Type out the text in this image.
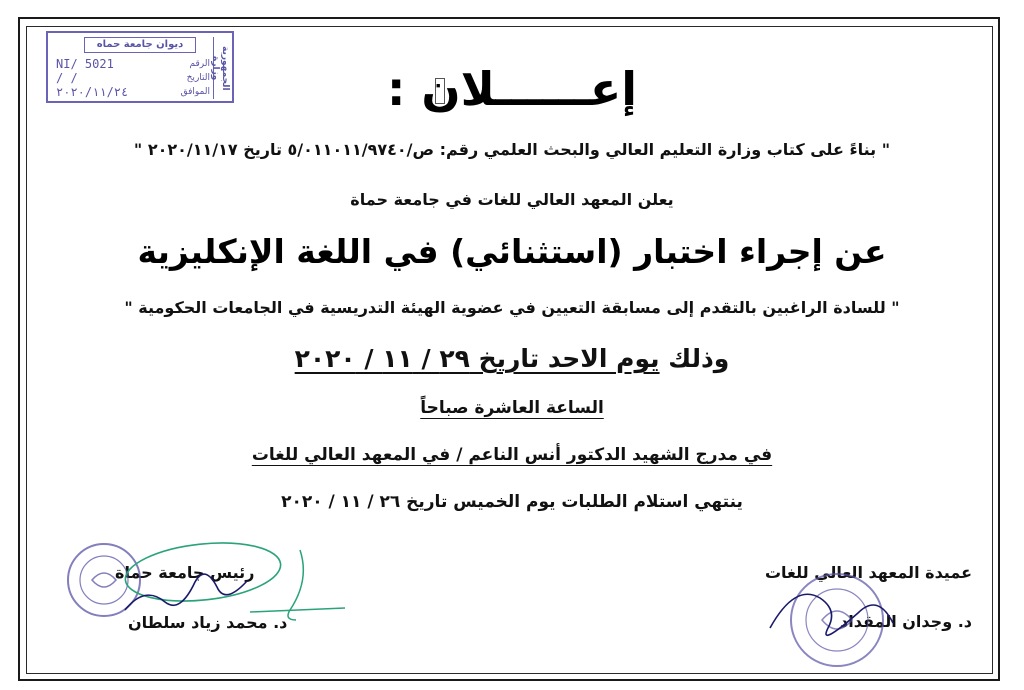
ديوان جامعة حماه
الجمهورية وزارة
الرقم
التاريخ
الموافق
NI/ 5021
/ /
٢٠٢٠/١١/٢٤	إعــــــلان :
" بناءً على كتاب وزارة التعليم العالي والبحث العلمي رقم: ص/٥/٠١١٠١١/٩٧٤٠ تاريخ ٢٠٢٠/١١/١٧ "
يعلن المعهد العالي للغات في جامعة حماة
عن إجراء اختبار (استثنائي) في اللغة الإنكليزية
" للسادة الراغبين بالتقدم إلى مسابقة التعيين في عضوية الهيئة التدريسية في الجامعات الحكومية "
وذلك يوم الاحد تاريخ ٢٩ / ١١ / ٢٠٢٠
الساعة العاشرة صباحاً
في مدرج الشهيد الدكتور أنس الناعم / في المعهد العالي للغات
ينتهي استلام الطلبات يوم الخميس تاريخ ٢٦ / ١١ / ٢٠٢٠
عميدة المعهد العالي للغات
د. وجدان المقداد
رئيس جامعة حماة
د. محمد زياد سلطان
